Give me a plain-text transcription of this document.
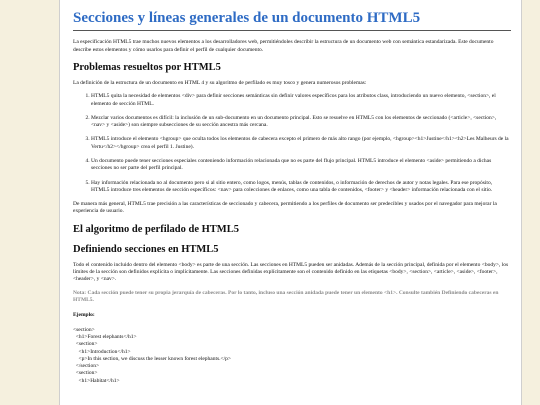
Secciones y líneas generales de un documento HTML5

La especificación HTML5 trae muchos nuevos elementos a los desarrolladores web, permitiéndoles describir la estructura de un documento web con semántica estandarizada. Este documento describe estos elementos y cómo usarlos para definir el perfil de cualquier documento.

Problemas resueltos por HTML5

La definición de la estructura de un documento en HTML 4 y su algoritmo de perfilado es muy tosco y genera numerosos problemas:

1. HTML5 quita la necesidad de elementos <div> para definir secciones semánticas sin definir valores específicos para los atributos class, introduciendo un nuevo elemento, <section>, el elemento de sección HTML.
2. Mezclar varios documentos es difícil: la inclusión de un sub-documento en un documento principal. Esto se resuelve en HTML5 con los elementos de seccionado (<article>, <section>, <nav> y <aside>) son siempre subsecciones de su sección ancestra más cercana.
3. HTML5 introduce el elemento <hgroup> que oculta todos los elementos de cabecera excepto el primero de más alto rango (por ejemplo, <hgroup><h1>Justine</h1><h2>Les Malheurs de la Vertu</h2></hgroup> crea el perfil 1. Justine).
4. Un documento puede tener secciones especiales conteniendo información relacionada que no es parte del flujo principal. HTML5 introduce el elemento <aside> permitiendo a dichas secciones no ser parte del perfil principal.
5. Hay información relacionada no al documento pero si al sitio entero, como logos, menús, tablas de contenidos, o información de derechos de autor y notas legales. Para ese propósito, HTML5 introduce tres elementos de sección específicos: <nav> para colecciones de enlaces, como una tabla de contenidos, <footer> y <header> información relacionada con el sitio.

De manera más general, HTML5 trae precisión a las características de seccionado y cabecera, permitiendo a los perfiles de documento ser predecibles y usados por el navegador para mejorar la experiencia de usuario.

El algoritmo de perfilado de HTML5
Definiendo secciones en HTML5

Todo el contenido incluido dentro del elemento <body> es parte de una sección. Las secciones en HTML5 pueden ser anidadas. Además de la sección principal, definida por el elemento <body>, los límites de la sección son definidos explícita o implícitamente. Las secciones definidas explícitamente son el contenido definido en las etiquetas <body>, <section>, <article>, <aside>, <footer>, <header>, y <nav>.

Nota: Cada sección puede tener su propia jerarquía de cabeceras. Por lo tanto, incluso una sección anidada puede tener un elemento <h1>. Consulte también Definiendo cabeceras en HTML5.

Ejemplo:

<section>
<h1>Forest elephants</h1>
<section>
<h1>Introduction</h1>
<p>In this section, we discuss the lesser known forest elephants.</p>
</section>
<section>
<h1>Habitat</h1>
